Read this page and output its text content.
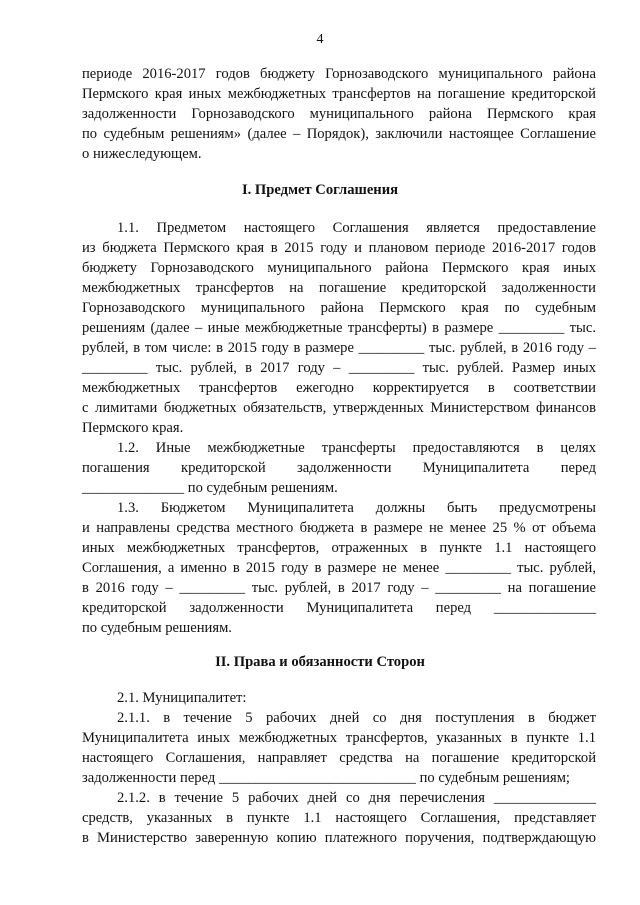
4
периоде 2016-2017 годов бюджету Горнозаводского муниципального района
Пермского края иных межбюджетных трансфертов на погашение кредиторской
задолженности Горнозаводского муниципального района Пермского края
по судебным решениям» (далее – Порядок), заключили настоящее Соглашение
о нижеследующем.
I. Предмет Соглашения
1.1. Предметом настоящего Соглашения является предоставление
из бюджета Пермского края в 2015 году и плановом периоде 2016-2017 годов
бюджету Горнозаводского муниципального района Пермского края иных
межбюджетных трансфертов на погашение кредиторской задолженности
Горнозаводского муниципального района Пермского края по судебным
решениям (далее – иные межбюджетные трансферты) в размере _________ тыс.
рублей, в том числе: в 2015 году в размере _________ тыс. рублей, в 2016 году –
_________ тыс. рублей, в 2017 году – _________ тыс. рублей. Размер иных
межбюджетных трансфертов ежегодно корректируется в соответствии
с лимитами бюджетных обязательств, утвержденных Министерством финансов
Пермского края.
1.2. Иные межбюджетные трансферты предоставляются в целях
погашения кредиторской задолженности Муниципалитета перед
______________ по судебным решениям.
1.3. Бюджетом Муниципалитета должны быть предусмотрены
и направлены средства местного бюджета в размере не менее 25 % от объема
иных межбюджетных трансфертов, отраженных в пункте 1.1 настоящего
Соглашения, а именно в 2015 году в размере не менее _________ тыс. рублей,
в 2016 году – _________ тыс. рублей, в 2017 году – _________ на погашение
кредиторской задолженности Муниципалитета перед ______________
по судебным решениям.
II. Права и обязанности Сторон
2.1. Муниципалитет:
2.1.1. в течение 5 рабочих дней со дня поступления в бюджет
Муниципалитета иных межбюджетных трансфертов, указанных в пункте 1.1
настоящего Соглашения, направляет средства на погашение кредиторской
задолженности перед ___________________________ по судебным решениям;
2.1.2. в течение 5 рабочих дней со дня перечисления ______________
средств, указанных в пункте 1.1 настоящего Соглашения, представляет
в Министерство заверенную копию платежного поручения, подтверждающую
